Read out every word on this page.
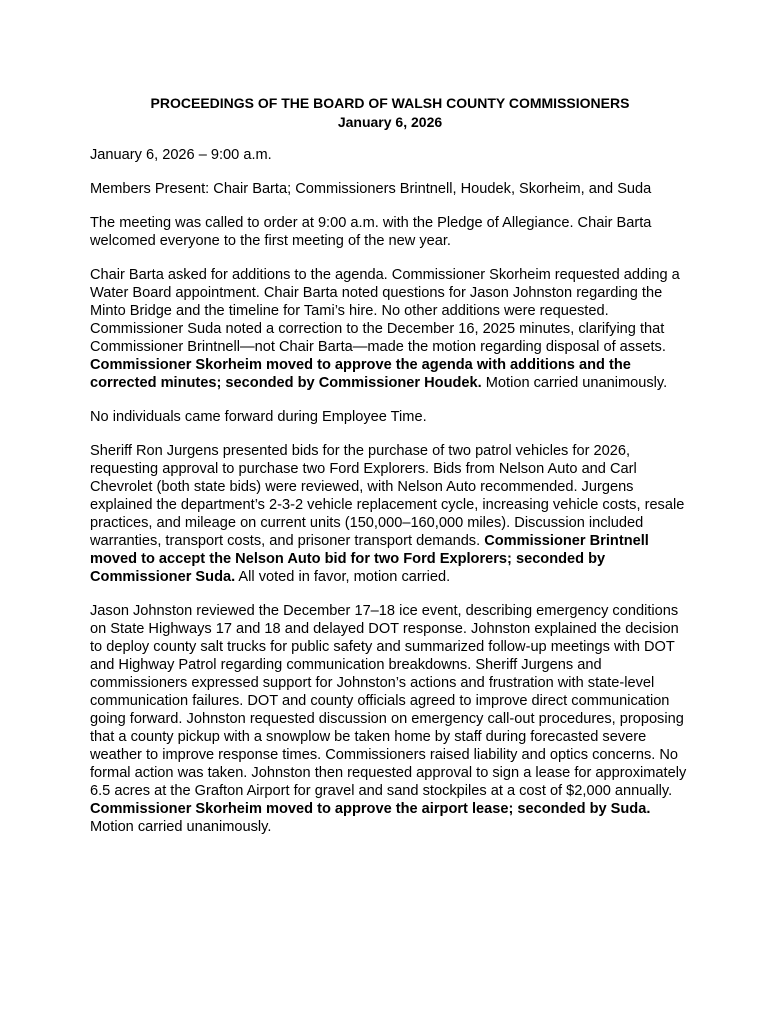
PROCEEDINGS OF THE BOARD OF WALSH COUNTY COMMISSIONERS
January 6, 2026

January 6, 2026 – 9:00 a.m.

Members Present: Chair Barta; Commissioners Brintnell, Houdek, Skorheim, and Suda

The meeting was called to order at 9:00 a.m. with the Pledge of Allegiance. Chair Barta welcomed everyone to the first meeting of the new year.

Chair Barta asked for additions to the agenda. Commissioner Skorheim requested adding a Water Board appointment. Chair Barta noted questions for Jason Johnston regarding the Minto Bridge and the timeline for Tami’s hire. No other additions were requested. Commissioner Suda noted a correction to the December 16, 2025 minutes, clarifying that Commissioner Brintnell—not Chair Barta—made the motion regarding disposal of assets. Commissioner Skorheim moved to approve the agenda with additions and the corrected minutes; seconded by Commissioner Houdek. Motion carried unanimously.

No individuals came forward during Employee Time.

Sheriff Ron Jurgens presented bids for the purchase of two patrol vehicles for 2026, requesting approval to purchase two Ford Explorers. Bids from Nelson Auto and Carl Chevrolet (both state bids) were reviewed, with Nelson Auto recommended. Jurgens explained the department’s 2-3-2 vehicle replacement cycle, increasing vehicle costs, resale practices, and mileage on current units (150,000–160,000 miles). Discussion included warranties, transport costs, and prisoner transport demands. Commissioner Brintnell moved to accept the Nelson Auto bid for two Ford Explorers; seconded by Commissioner Suda. All voted in favor, motion carried.

Jason Johnston reviewed the December 17–18 ice event, describing emergency conditions on State Highways 17 and 18 and delayed DOT response. Johnston explained the decision to deploy county salt trucks for public safety and summarized follow-up meetings with DOT and Highway Patrol regarding communication breakdowns. Sheriff Jurgens and commissioners expressed support for Johnston’s actions and frustration with state-level communication failures. DOT and county officials agreed to improve direct communication going forward. Johnston requested discussion on emergency call-out procedures, proposing that a county pickup with a snowplow be taken home by staff during forecasted severe weather to improve response times. Commissioners raised liability and optics concerns. No formal action was taken. Johnston then requested approval to sign a lease for approximately 6.5 acres at the Grafton Airport for gravel and sand stockpiles at a cost of $2,000 annually. Commissioner Skorheim moved to approve the airport lease; seconded by Suda. Motion carried unanimously.
